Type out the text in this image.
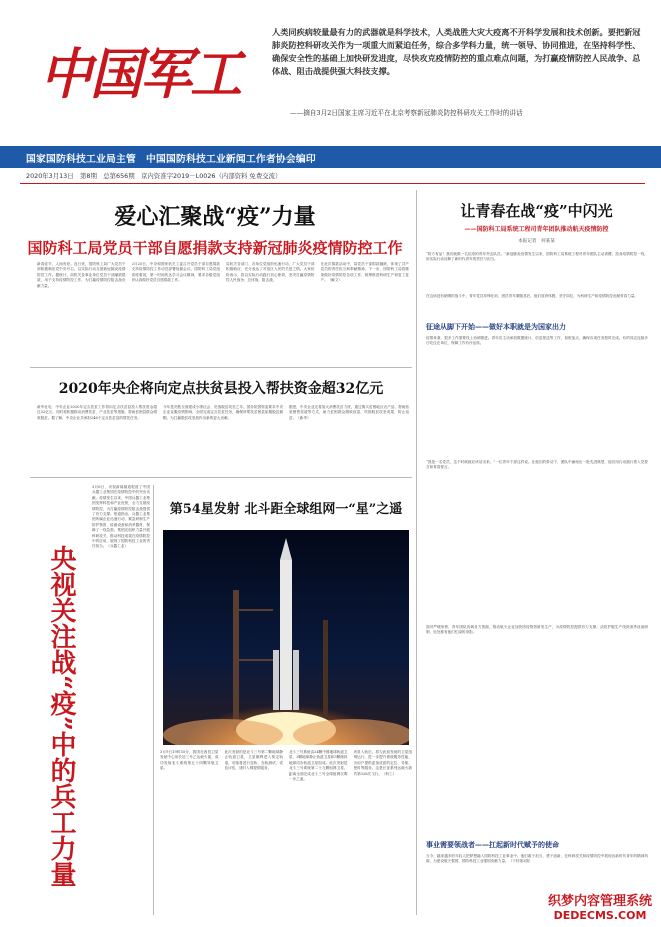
中国军工
人类同疾病较量最有力的武器就是科学技术，人类战胜大灾大疫离不开科学发展和技术创新。要把新冠肺炎防控科研攻关作为一项重大而紧迫任务，综合多学科力量，统一领导、协同推进，在坚持科学性、确保安全性的基础上加快研发进度，尽快攻克疫情防控的重点难点问题，为打赢疫情防控人民战争、总体战、阻击战提供强大科技支撑。
——摘自3月2日国家主席习近平在北京考察新冠肺炎防控科研攻关工作时的讲话
国家国防科技工业局主管　中国国防科技工业新闻工作者协会编印
2020年3月13日　第8期　总第656期　京内资准字2019－L0026（内部资料 免费交流）
爱心汇聚战“疫”力量
国防科工局党员干部自愿捐款支持新冠肺炎疫情防控工作
新春佳节，人间有爱。连日来，国防科工局广大党员干部积极响应党中央号召，以实际行动支援新冠肺炎疫情防控工作。据统计，局机关及事业单位党员干部踊跃捐款，用于支持疫情防控工作，为打赢疫情防控阻击战贡献力量。
2月25日，中央和国家机关工委召开党员干部自愿捐款支持疫情防控工作动员部署视频会议。国防科工局党组高度重视，第一时间传达学习会议精神，要求各级党组织认真做好党员自愿捐款工作。
局机关各部门、各单位党组织迅速行动，广大党员干部积极响应，充分表达了对疫区人民的关爱之情。大家纷纷表示，将以实际行动践行初心使命，坚决打赢疫情防控人民战争、总体战、阻击战。
在此次捐款活动中，局党员干部捐款踊跃，体现了共产党员的责任担当和奉献精神。下一步，国防科工局将继续做好疫情防控各项工作，统筹推进科研生产和复工复产。（解文）
2020年央企将向定点扶贫县投入帮扶资金超32亿元
新华社电　中央企业2020年定点扶贫工作将向定点扶贫县投入帮扶资金超过32亿元，同时将积极推动消费扶贫、产业扶贫等措施，帮助贫困县群众增收脱贫。据了解，中央企业共承担246个定点扶贫县的帮扶任务。
今年是决胜全面建成小康社会、决战脱贫攻坚之年。国务院国资委要求中央企业克服疫情影响，全面完成定点扶贫任务，确保所帮扶贫困县如期脱贫摘帽，为打赢脱贫攻坚战作出新的更大贡献。
据悉，中央企业还将加大消费扶贫力度，通过购买贫困地区农产品、帮助拓宽销售渠道等方式，助力贫困群众增收致富，巩固脱贫攻坚成果，防止返贫。（新华）
央视关注战
“疫”
中的兵工力量
3月6日，央视新闻频道报道了中国兵器工业集团在疫情防控中的突出贡献。疫情发生以来，中国兵器工业集团发挥科技和产业优势，全力支援疫情防控，为打赢疫情防控阻击战提供了有力支撑。报道指出，兵器工业集团所属企业迅速行动，紧急研制生产防护物资、检测设备和消杀器材，保障了一线急需。集团还组织力量开展科研攻关，推动科技成果在疫情防控中的应用，展现了国防科技工业的责任担当。（兵器工业）
第54星发射 北斗距全球组网一“星”之遥
3月9日19时55分，我国在西昌卫星发射中心用长征三号乙运载火箭，成功发射北斗系统第五十四颗导航卫星。
此次发射的是北斗三号第二颗地球静止轨道卫星，卫星顺利进入预定轨道，后续将进行变轨、在轨测试、试验评估，适时入网提供服务。
北斗三号系统由24颗中圆地球轨道卫星、3颗地球静止轨道卫星和3颗倾斜地球同步轨道卫星组成。此次发射是北斗三号系统第二十九颗组网卫星，距离全面完成北斗三号全球组网仅剩一步之遥。
该星入轨后，将与此前发射的卫星组网运行，进一步提升系统服务性能，为用户提供更加优质的定位、导航、授时等服务。这是长征系列运载火箭的第328次飞行。（科工）
让青春在战“疫”中闪光
——国防科工局系统工程司青年团队推动航天疫情防控
本报记者　何某某
“防方有品！我们就做一名抗疫的青年突击队员。”新冠肺炎疫情发生以来，国防科工局系统工程司青年团队主动请缨，投身疫情防控一线，用实际行动诠释了新时代青年的责任与担当。
在这场没有硝烟的战斗中，青年党员冲锋在前，团员青年紧随其后，他们放弃休假，坚守岗位，为科研生产和疫情防控贡献青春力量。
征途从脚下开始——做好本职就是为国家出力
疫情来袭，很多工作需要线上协调推进。青年们主动承担数据统计、信息报送等工作，加班加点，确保各项任务按时完成。有的同志连续多日吃住在单位，保障工作有序运转。
“我是一名党员，这个时候就应该站出来。”一位青年干部这样说。在他们的带动下，团队中涌现出一批先进典型，他们用行动践行着入党誓言和青春誓言。
面对严峻形势，青年团队协调各方资源，推动航天企业加快防疫物资研发生产，为疫情防控提供有力支撑。从防护服生产线到消杀设备研制，处处都有他们忙碌的身影。
事业需要领战者——扛起新时代赋予的使命
当今，越来越多的年轻人把梦想融入国防科技工业事业中。他们敢于担当、勇于创新，在科研攻关和疫情防控中展现出新时代青年的精神风貌，为建设航天强国、国防科技工业强国贡献力量。（下转第2版）
织梦内容管理系统
DEDECMS.COM
